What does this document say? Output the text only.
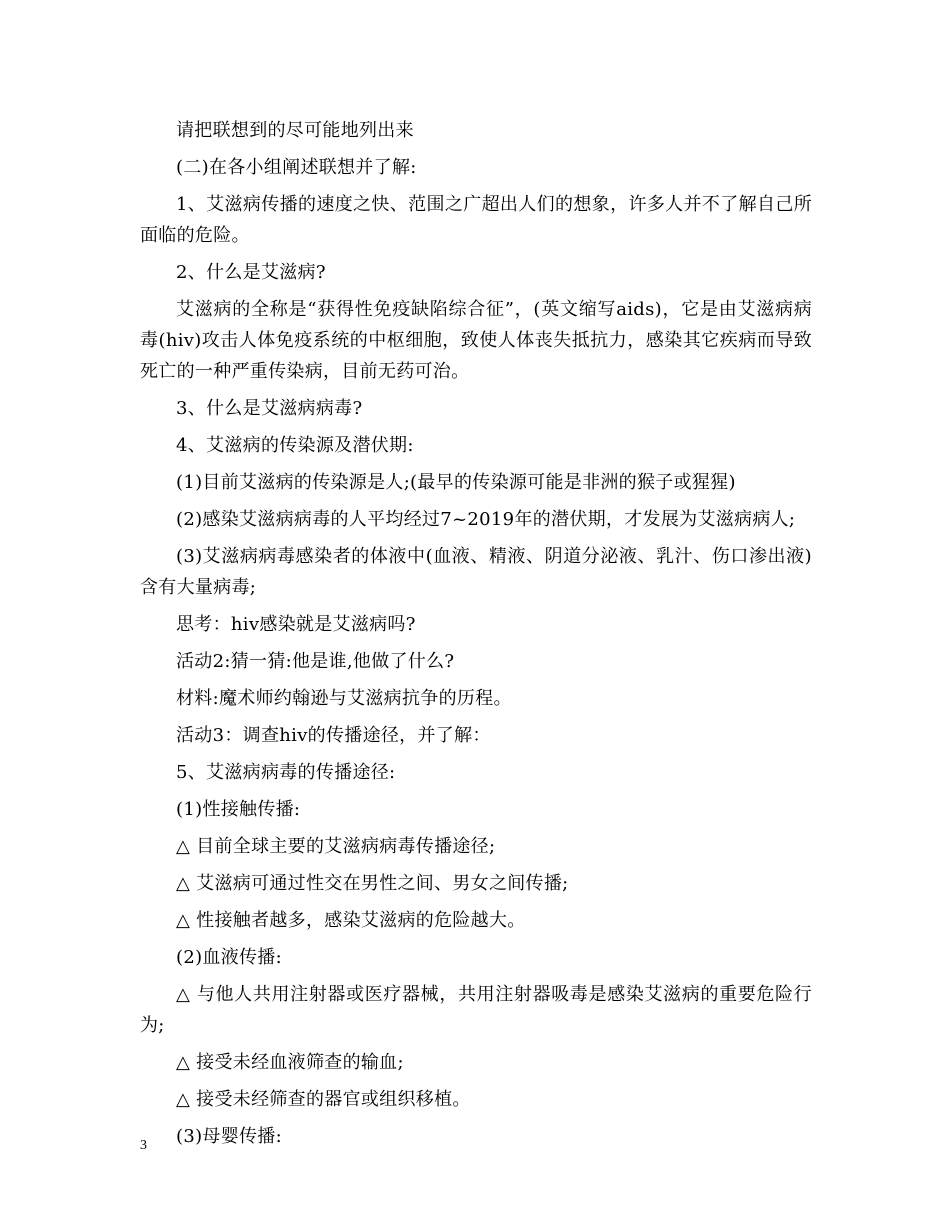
请把联想到的尽可能地列出来

(二)在各小组阐述联想并了解:

1、艾滋病传播的速度之快、范围之广超出人们的想象，许多人并不了解自己所面临的危险。

2、什么是艾滋病?

艾滋病的全称是“获得性免疫缺陷综合征”，(英文缩写aids)，它是由艾滋病病毒(hiv)攻击人体免疫系统的中枢细胞，致使人体丧失抵抗力，感染其它疾病而导致死亡的一种严重传染病，目前无药可治。

3、什么是艾滋病病毒?

4、艾滋病的传染源及潜伏期:

(1)目前艾滋病的传染源是人;(最早的传染源可能是非洲的猴子或猩猩)

(2)感染艾滋病病毒的人平均经过7~2019年的潜伏期，才发展为艾滋病病人;

(3)艾滋病病毒感染者的体液中(血液、精液、阴道分泌液、乳汁、伤口渗出液)含有大量病毒;

思考：hiv感染就是艾滋病吗?

活动2:猜一猜:他是谁,他做了什么?

材料:魔术师约翰逊与艾滋病抗争的历程。

活动3：调查hiv的传播途径，并了解：

5、艾滋病病毒的传播途径:

(1)性接触传播:

△ 目前全球主要的艾滋病病毒传播途径;

△ 艾滋病可通过性交在男性之间、男女之间传播;

△ 性接触者越多，感染艾滋病的危险越大。

(2)血液传播:

△ 与他人共用注射器或医疗器械，共用注射器吸毒是感染艾滋病的重要危险行为;

△ 接受未经血液筛查的输血;

△ 接受未经筛查的器官或组织移植。

(3)母婴传播:

3
